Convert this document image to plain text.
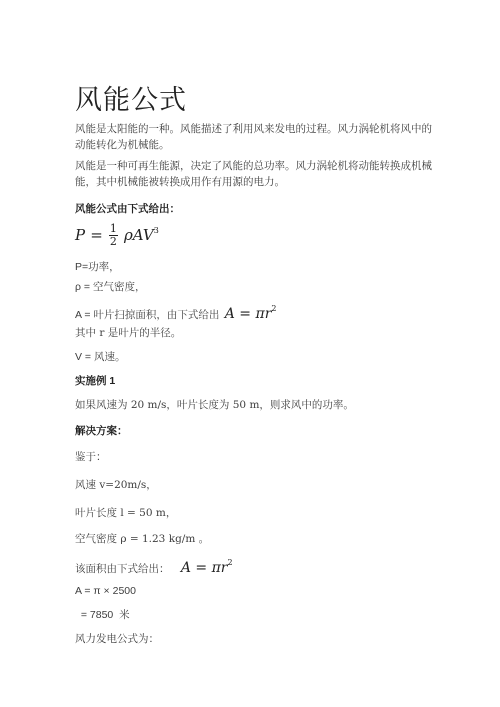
风能公式

风能是太阳能的一种。风能描述了利用风来发电的过程。风力涡轮机将风中的动能转化为机械能。

风能是一种可再生能源，决定了风能的总功率。风力涡轮机将动能转换成机械能，其中机械能被转换成用作有用源的电力。

风能公式由下式给出：

$P = \frac{1}{2} \rho AV^3$

P=功率，

ρ = 空气密度，

A = 叶片扫掠面积，由下式给出 $A = \pi r^2$

其中 r 是叶片的半径。

V = 风速。

实施例 1

如果风速为 20 m/s，叶片长度为 50 m，则求风中的功率。

解决方案：

鉴于：

风速 v=20m/s，

叶片长度 l = 50 m，

空气密度 ρ = 1.23 kg/m 。

该面积由下式给出： $A = \pi r^2$

A = π × 2500

= 7850  米

风力发电公式为：
